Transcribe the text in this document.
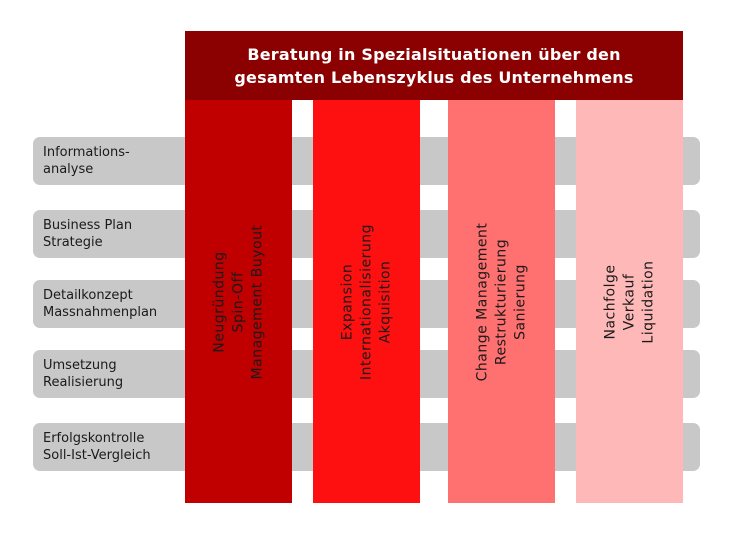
Informations-
analyse
Business Plan
Strategie
Detailkonzept
Massnahmenplan
Umsetzung
Realisierung
Erfolgskontrolle
Soll-Ist-Vergleich
Beratung in Spezialsituationen über den
gesamten Lebenszyklus des Unternehmens
Neugründung Spin-Off Management Buyout	Expansion Internationalisierung Akquisition	Change Management Restrukturierung Sanierung	Nachfolge Verkauf Liquidation
